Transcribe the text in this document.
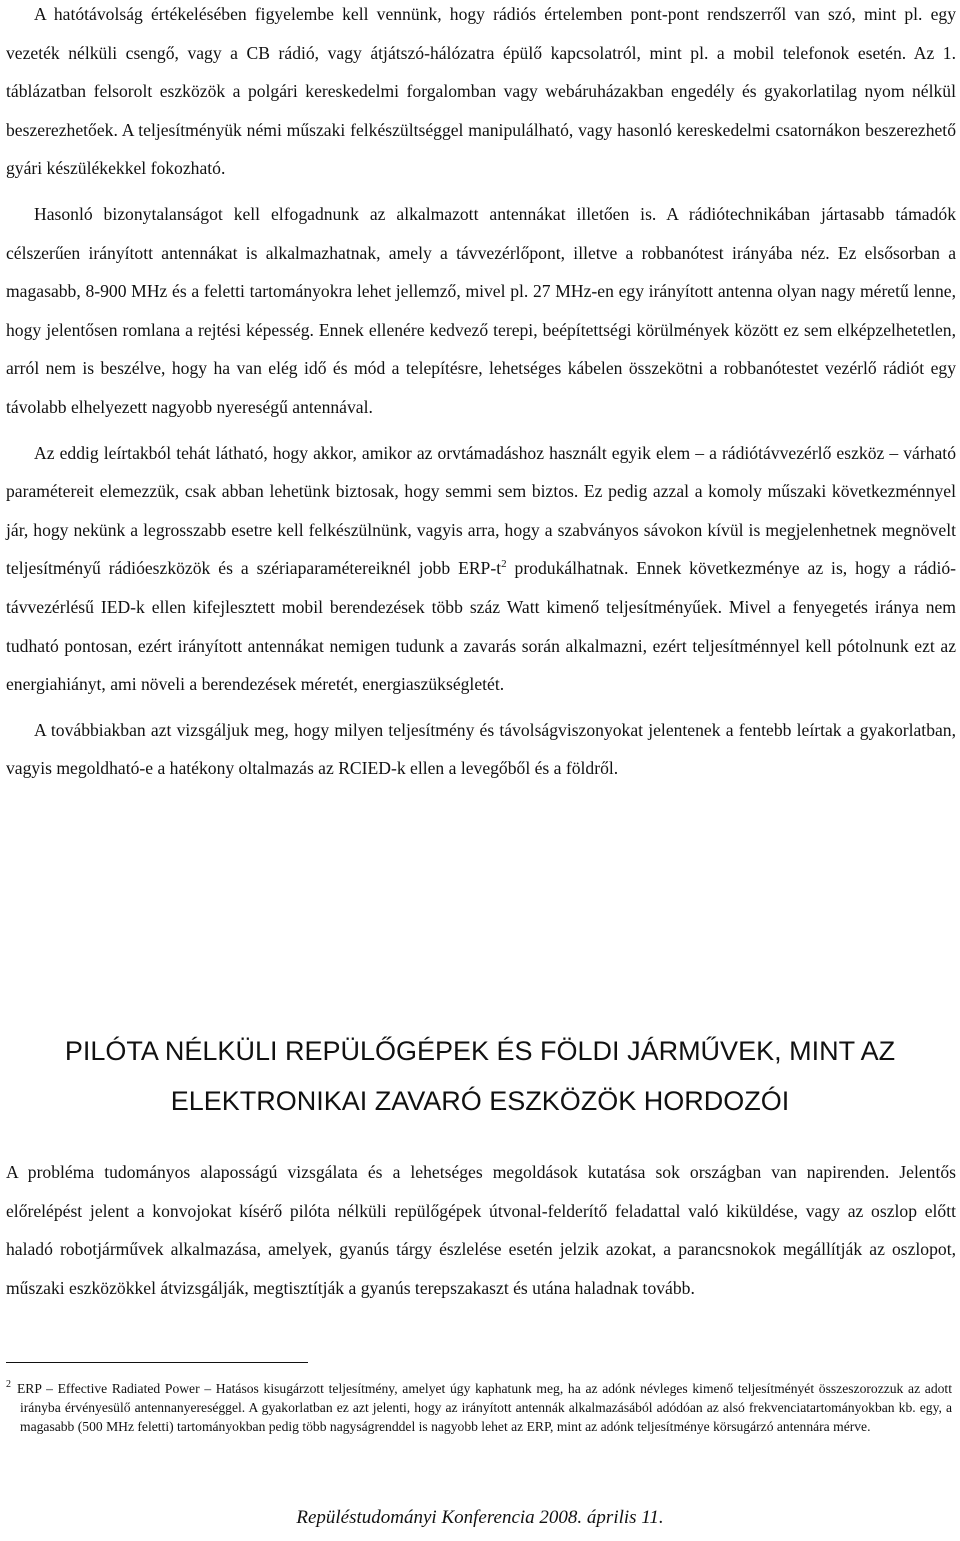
A hatótávolság értékelésében figyelembe kell vennünk, hogy rádiós értelemben pont-pont rendszerről van szó, mint pl. egy vezeték nélküli csengő, vagy a CB rádió, vagy átjátszó-hálózatra épülő kapcsolatról, mint pl. a mobil telefonok esetén. Az 1. táblázatban felsorolt eszközök a polgári kereskedelmi forgalomban vagy webáruházakban engedély és gyakorlatilag nyom nélkül beszerezhetőek. A teljesítményük némi műszaki felkészültséggel manipulálható, vagy hasonló kereskedelmi csatornákon beszerezhető gyári készülékekkel fokozható.

Hasonló bizonytalanságot kell elfogadnunk az alkalmazott antennákat illetően is. A rádiótechnikában jártasabb támadók célszerűen irányított antennákat is alkalmazhatnak, amely a távvezérlőpont, illetve a robbanótest irányába néz. Ez elsősorban a magasabb, 8-900 MHz és a feletti tartományokra lehet jellemző, mivel pl. 27 MHz-en egy irányított antenna olyan nagy méretű lenne, hogy jelentősen romlana a rejtési képesség. Ennek ellenére kedvező terepi, beépítettségi körülmények között ez sem elképzelhetetlen, arról nem is beszélve, hogy ha van elég idő és mód a telepítésre, lehetséges kábelen összekötni a robbanótestet vezérlő rádiót egy távolabb elhelyezett nagyobb nyereségű antennával.

Az eddig leírtakból tehát látható, hogy akkor, amikor az orvtámadáshoz használt egyik elem – a rádiótávvezérlő eszköz – várható paramétereit elemezzük, csak abban lehetünk biztosak, hogy semmi sem biztos. Ez pedig azzal a komoly műszaki következménnyel jár, hogy nekünk a legrosszabb esetre kell felkészülnünk, vagyis arra, hogy a szabványos sávokon kívül is megjelenhetnek megnövelt teljesítményű rádióeszközök és a szériaparamétereiknél jobb ERP-$t^2$ produkálhatnak. Ennek következménye az is, hogy a rádió-távvezérlésű IED-k ellen kifejlesztett mobil berendezések több száz Watt kimenő teljesítményűek. Mivel a fenyegetés iránya nem tudható pontosan, ezért irányított antennákat nemigen tudunk a zavarás során alkalmazni, ezért teljesítménnyel kell pótolnunk ezt az energiahiányt, ami növeli a berendezések méretét, energiaszükségletét.

A továbbiakban azt vizsgáljuk meg, hogy milyen teljesítmény és távolságviszonyokat jelentenek a fentebb leírtak a gyakorlatban, vagyis megoldható-e a hatékony oltalmazás az RCIED-k ellen a levegőből és a földről.

PILÓTA NÉLKÜLI REPÜLŐGÉPEK ÉS FÖLDI JÁRMŰVEK, MINT AZ
ELEKTRONIKAI ZAVARÓ ESZKÖZÖK HORDOZÓI

A probléma tudományos alaposságú vizsgálata és a lehetséges megoldások kutatása sok országban van napirenden. Jelentős előrelépést jelent a konvojokat kísérő pilóta nélküli repülőgépek útvonal-felderítő feladattal való kiküldése, vagy az oszlop előtt haladó robotjárművek alkalmazása, amelyek, gyanús tárgy észlelése esetén jelzik azokat, a parancsnokok megállítják az oszlopot, műszaki eszközökkel átvizsgálják, megtisztítják a gyanús terepszakaszt és utána haladnak tovább.

$^2$ ERP – Effective Radiated Power – Hatásos kisugárzott teljesítmény, amelyet úgy kaphatunk meg, ha az adónk névleges kimenő teljesítményét összeszorozzuk az adott irányba érvényesülő antennanyereséggel. A gyakorlatban ez azt jelenti, hogy az irányított antennák alkalmazásából adódóan az alsó frekvenciatartományokban kb. egy, a magasabb (500 MHz feletti) tartományokban pedig több nagyságrenddel is nagyobb lehet az ERP, mint az adónk teljesítménye körsugárzó antennára mérve.
Repüléstudományi Konferencia 2008. április 11.
